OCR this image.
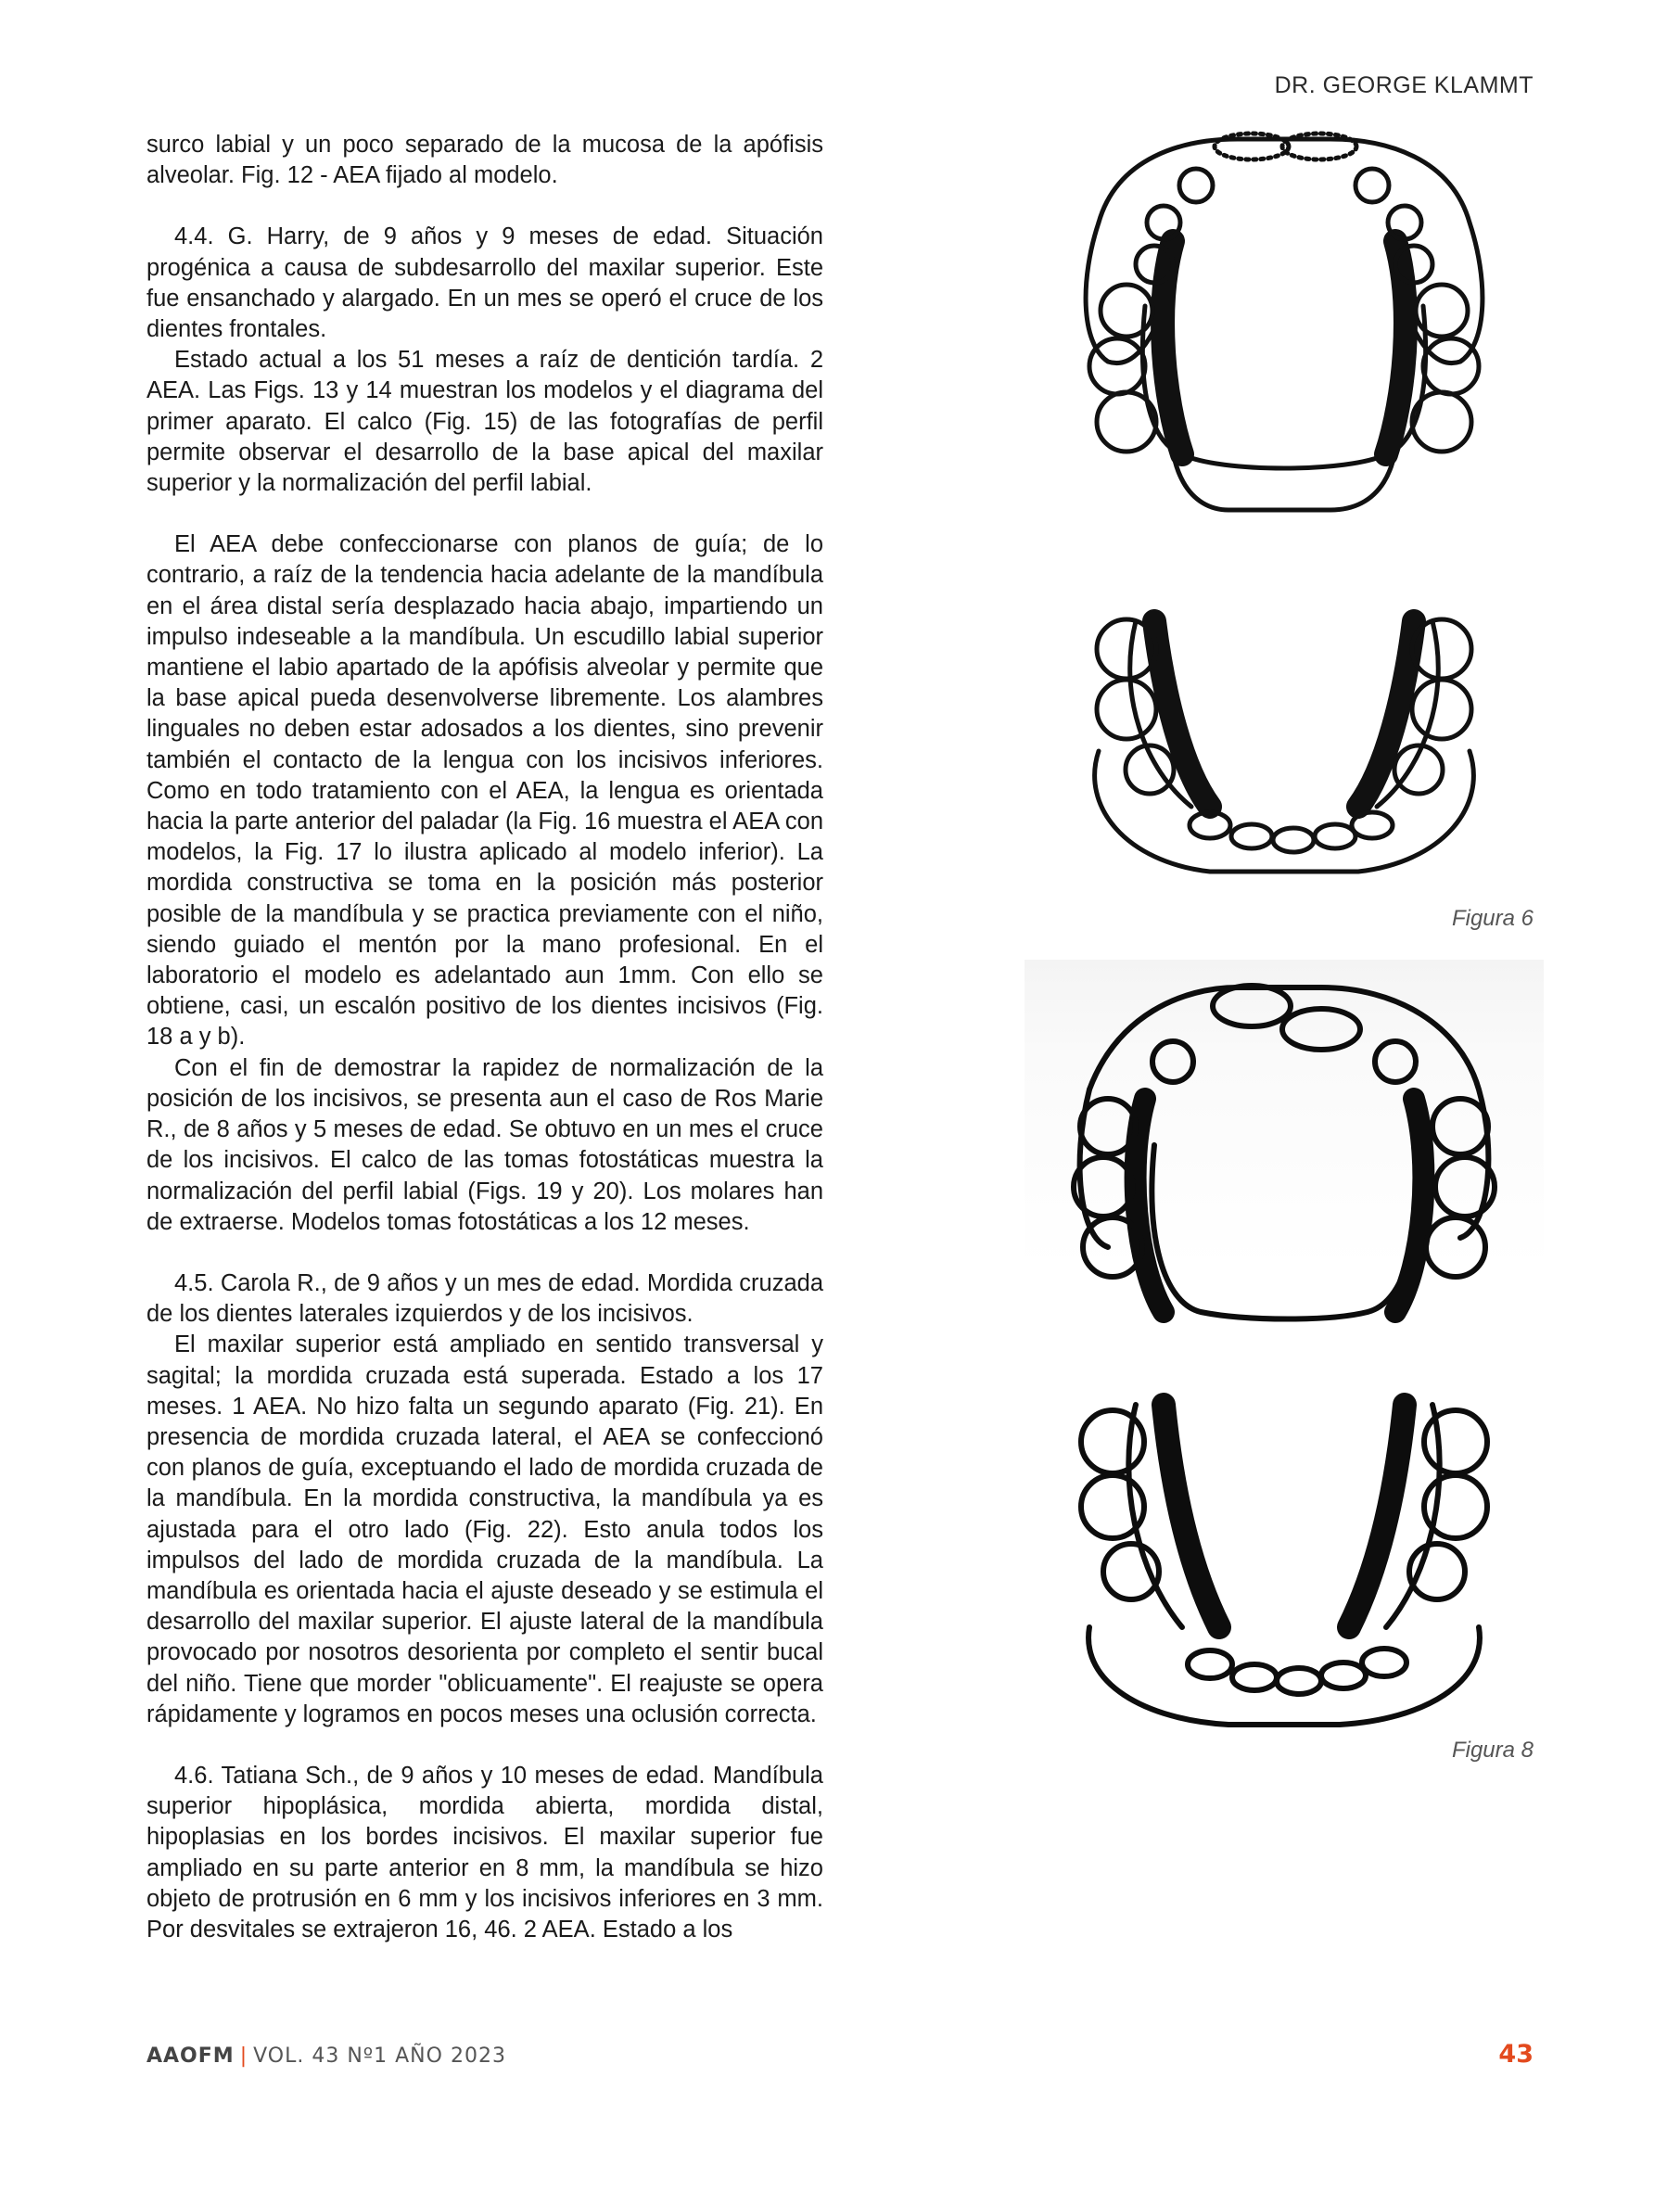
DR. GEORGE KLAMMT

surco labial y un poco separado de la mucosa de la apófisis alveolar. Fig. 12 - AEA fijado al modelo.

4.4. G. Harry, de 9 años y 9 meses de edad. Situación progénica a causa de subdesarrollo del maxilar superior. Este fue ensanchado y alargado. En un mes se operó el cruce de los dientes frontales.

Estado actual a los 51 meses a raíz de dentición tardía. 2 AEA. Las Figs. 13 y 14 muestran los modelos y el diagrama del primer aparato. El calco (Fig. 15) de las fotografías de perfil permite observar el desarrollo de la base apical del maxilar superior y la normalización del perfil labial.

El AEA debe confeccionarse con planos de guía; de lo contrario, a raíz de la tendencia hacia adelante de la mandíbula en el área distal sería desplazado hacia abajo, impartiendo un impulso indeseable a la mandíbula. Un escudillo labial superior mantiene el labio apartado de la apófisis alveolar y permite que la base apical pueda desenvolverse libremente. Los alambres linguales no deben estar adosados a los dientes, sino prevenir también el contacto de la lengua con los incisivos inferiores. Como en todo tratamiento con el AEA, la lengua es orientada hacia la parte anterior del paladar (la Fig. 16 muestra el AEA con modelos, la Fig. 17 lo ilustra aplicado al modelo inferior). La mordida constructiva se toma en la posición más posterior posible de la mandíbula y se practica previamente con el niño, siendo guiado el mentón por la mano profesional. En el laboratorio el modelo es adelantado aun 1mm. Con ello se obtiene, casi, un escalón positivo de los dientes incisivos (Fig. 18 a y b).

Con el fin de demostrar la rapidez de normalización de la posición de los incisivos, se presenta aun el caso de Ros Marie R., de 8 años y 5 meses de edad. Se obtuvo en un mes el cruce de los incisivos. El calco de las tomas fotostáticas muestra la normalización del perfil labial (Figs. 19 y 20). Los molares han de extraerse. Modelos tomas fotostáticas a los 12 meses.

4.5. Carola R., de 9 años y un mes de edad. Mordida cruzada de los dientes laterales izquierdos y de los incisivos.

El maxilar superior está ampliado en sentido transversal y sagital; la mordida cruzada está superada. Estado a los 17 meses. 1 AEA. No hizo falta un segundo aparato (Fig. 21). En presencia de mordida cruzada lateral, el AEA se confeccionó con planos de guía, exceptuando el lado de mordida cruzada de la mandíbula. En la mordida constructiva, la mandíbula ya es ajustada para el otro lado (Fig. 22). Esto anula todos los impulsos del lado de mordida cruzada de la mandíbula. La mandíbula es orientada hacia el ajuste deseado y se estimula el desarrollo del maxilar superior. El ajuste lateral de la mandíbula provocado por nosotros desorienta por completo el sentir bucal del niño. Tiene que morder "oblicuamente". El reajuste se opera rápidamente y logramos en pocos meses una oclusión correcta.

4.6. Tatiana Sch., de 9 años y 10 meses de edad. Mandíbula superior hipoplásica, mordida abierta, mordida distal, hipoplasias en los bordes incisivos. El maxilar superior fue ampliado en su parte anterior en 8 mm, la mandíbula se hizo objeto de protrusión en 6 mm y los incisivos inferiores en 3 mm. Por desvitales se extrajeron 16, 46. 2 AEA. Estado a los

Figura 6
Figura 8
AAOFM | VOL. 43 Nº1 AÑO 2023	43
